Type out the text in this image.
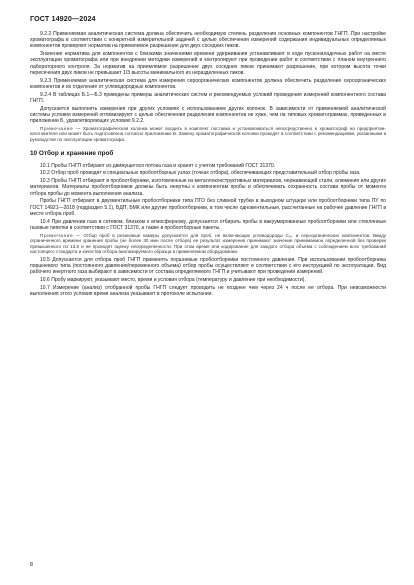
ГОСТ 14920—2024

9.2.2 Применяемая аналитическая система должна обеспечить необходимую степень разделения основных компонентов ГНГП. При настройке хроматографа в соответствии с конкретной измерительной задачей с целью обеспечения измерений содержания индивидуальных определяемых компонентов проверяют норматив на приемлемое разрешение для двух соседних пиков.

Значение норматива для компонентов с близкими значениями времени удерживания устанавливают в ходе пусконаладочных работ на месте эксплуатации хроматографа или при внедрении методики измерений и контролируют при проведении работ в соответствии с планом внутреннего лабораторного контроля. За норматив на приемлемое разрешение двух соседних пиков принимают разрешение, при котором высота точки пересечения двух пиков не превышает 1/3 высоты минимального из неразделенных пиков.

9.2.3 Применяемая аналитическая система для измерения сероорганических компонентов должна обеспечить разделение сероорганических компонентов и их отделение от углеводородных компонентов.

9.2.4 В таблицах Б.1—Б.3 приведены примеры аналитических систем и рекомендуемых условий проведения измерений компонентного состава ГНГП.

Допускается выполнять измерения при других условиях с использованием других колонок. В зависимости от применяемой аналитической системы условия измерений оптимизируют с целью обеспечения разделения компонентов не хуже, чем на типовых хроматограммах, приведенных в приложении Б, удовлетворяющих условию 9.2.2.

Примечание — Хроматографическая колонка может входить в комплект поставки и устанавливаться непосредственно в хроматограф на предприятии-изготовителе или может быть подготовлена согласно приложению В. Замену хроматографической колонки проводят в соответствии с рекомендациями, указанными в руководстве по эксплуатации хроматографа.

10 Отбор и хранение проб

10.1 Пробы ГНГП отбирают из движущегося потока газа и хранят с учетом требований ГОСТ 31370.

10.2 Отбор проб проводят в специальных пробоотборных узлах (точках отбора), обеспечивающих представительный отбор пробы газа.

10.3 Пробы ГНГП отбирают в пробоотборники, изготовленные из металлоконструктивных материалов, нержавеющей стали, алюминия или других материалов. Материалы пробоотборников должны быть инертны к компонентам пробы и обеспечивать сохранность состава пробы от момента отбора пробы до момента выполнения анализа.

Пробы ГНГП отбирают в двухвентильные пробоотборники типа ПГО без сливной трубки в выходном штуцере или пробоотборники типа ПУ по ГОСТ 14921—2018 (подраздел 5.1), БДП, БМК или другие пробоотборники, в том числе одновентильные, рассчитанные на рабочее давление ГНГП в месте отбора проб.

10.4 При давлении газа в сетевом, близком к атмосферному, допускается отбирать пробы в вакуумированные пробоотборники или стеклянные газовые пипетки в соответствии с ГОСТ 31370, а также в пробоотборные пакеты.

Примечание — Отбор проб в резиновые камеры допускается для проб, не включающих углеводороды C₅₊ и сероорганических компонентов. Ввиду ограниченного времени хранения пробы (не более 30 мин после отбора) ее результат измерения принимают значение принимаемое определенной без проверки превышенного по 13.6 и не проводят оценку неопределенности. При этом время или кодирование для каждого отбора объема с соблюдением всех требований настоящего стандарта и качества отбора анализируемого образца в применяемом оборудовании.

10.5 Допускается для отбора проб ГНГП применять поршневые пробоотборники постоянного давления. При использовании пробоотборника поршневого типа (постоянного давления/переменного объема) отбор пробы осуществляют в соответствии с его инструкцией по эксплуатации. Вид рабочего инертного газа выбирают в зависимости от состава определяемого ГНГП и учитывают при проведении измерений.

10.6 Пробу маркируют, указывают место, время и условия отбора (температуру и давление при необходимости).

10.7 Измерение (анализ) отобранной пробы ГНГП следует проводить не позднее чем через 24 ч после ее отбора. При невозможности выполнения этого условия время анализа указывают в протоколе испытания.

8
